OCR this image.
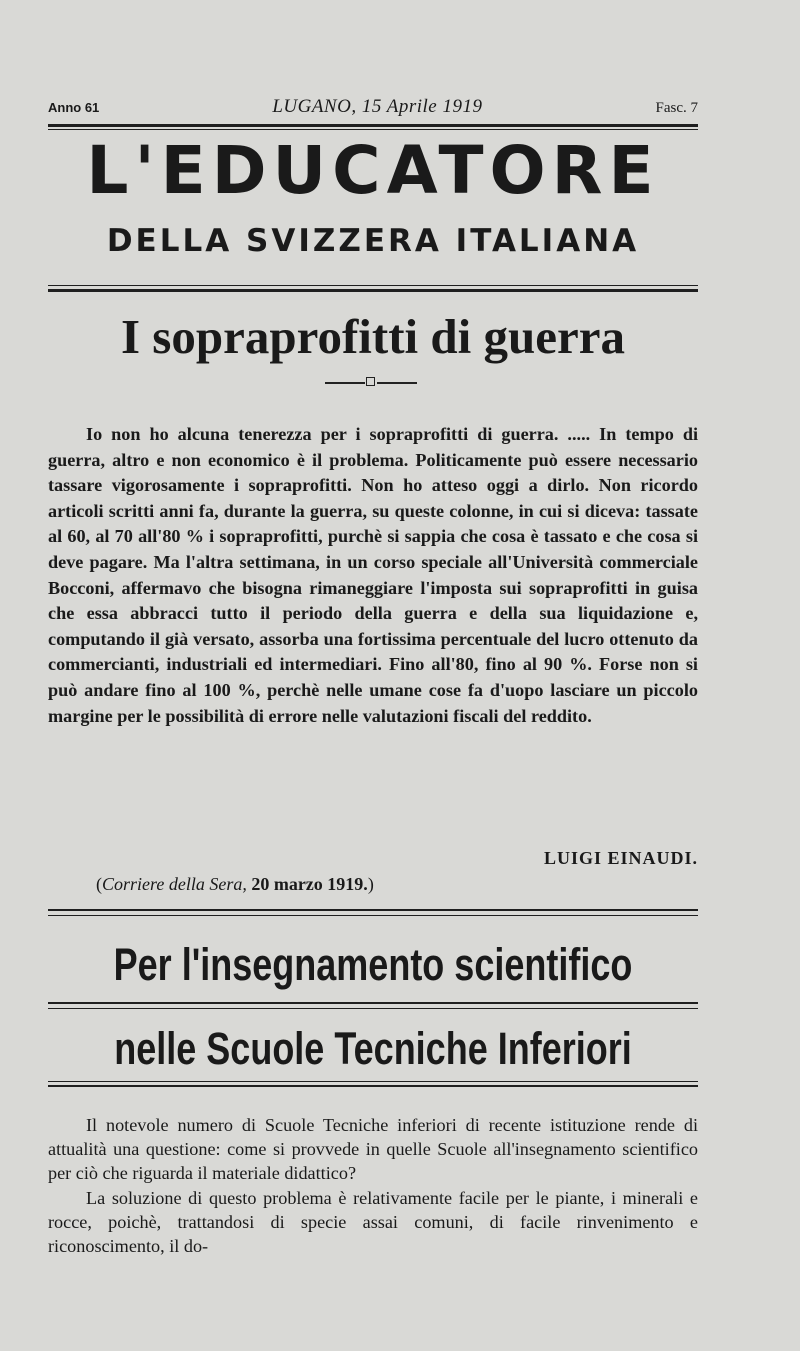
Anno 61	LUGANO, 15 Aprile 1919	Fasc. 7
L'EDUCATORE
DELLA SVIZZERA ITALIANA
I sopraprofitti di guerra

Io non ho alcuna tenerezza per i sopraprofitti di guerra. ..... In tempo di guerra, altro e non economico è il problema. Politicamente può essere necessario tassare vigorosamente i sopraprofitti. Non ho atteso oggi a dirlo. Non ricordo articoli scritti anni fa, durante la guerra, su queste colonne, in cui si diceva: tassate al 60, al 70 all'80 % i sopraprofitti, purchè si sappia che cosa è tassato e che cosa si deve pagare. Ma l'altra settimana, in un corso speciale all'Università commerciale Bocconi, affermavo che bisogna rimaneggiare l'imposta sui sopraprofitti in guisa che essa abbracci tutto il periodo della guerra e della sua liquidazione e, computando il già versato, assorba una fortissima percentuale del lucro ottenuto da commercianti, industriali ed intermediari. Fino all'80, fino al 90 %. Forse non si può andare fino al 100 %, perchè nelle umane cose fa d'uopo lasciare un piccolo margine per le possibilità di errore nelle valutazioni fiscali del reddito.

LUIGI EINAUDI.
(Corriere della Sera, 20 marzo 1919.)
Per l'insegnamento scientifico
nelle Scuole Tecniche Inferiori

Il notevole numero di Scuole Tecniche inferiori di recente istituzione rende di attualità una questione: come si provvede in quelle Scuole all'insegnamento scientifico per ciò che riguarda il materiale didattico?

La soluzione di questo problema è relativamente facile per le piante, i minerali e rocce, poichè, trattandosi di specie assai comuni, di facile rinvenimento e riconoscimento, il do-
